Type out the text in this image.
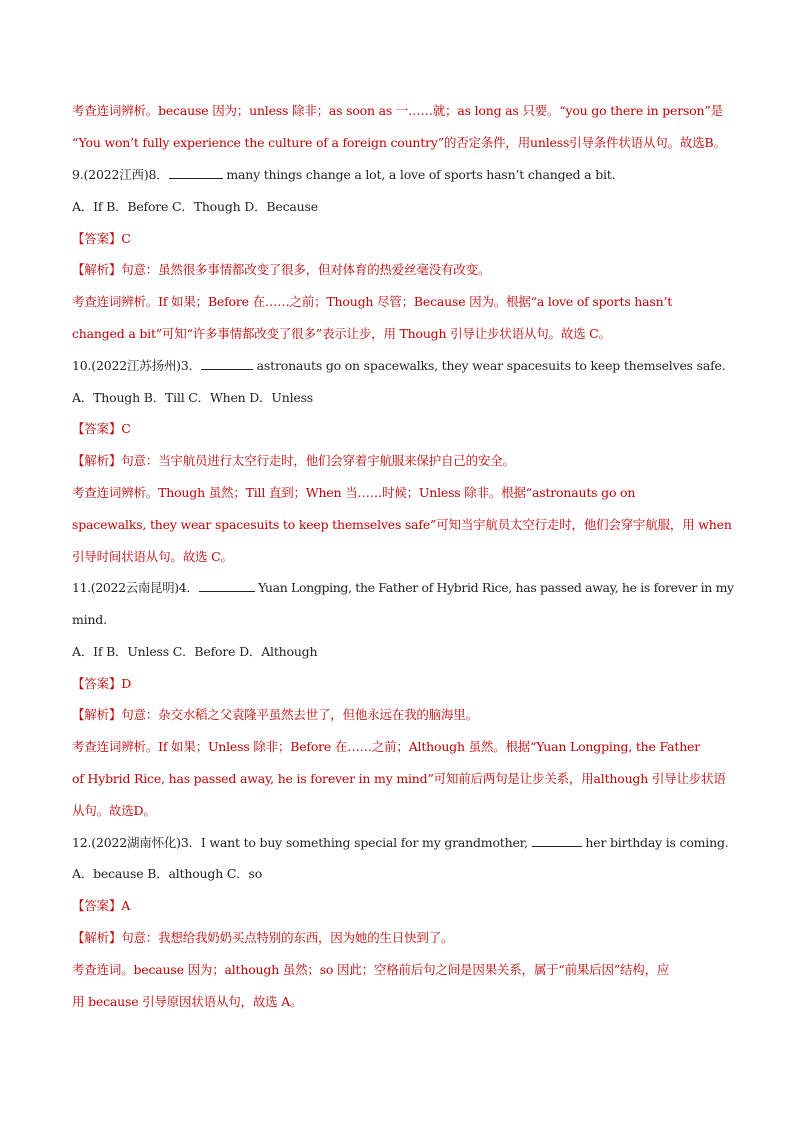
考查连词辨析。because 因为；unless 除非；as soon as 一……就；as long as 只要。“you go there in person”是
“You won’t fully experience the culture of a foreign country”的否定条件，用unless引导条件状语从句。故选B。
9.(2022江西)8．	many things change a lot, a love of sports hasn’t changed a bit.
A．If B．Before C．Though D．Because
【答案】C
【解析】句意：虽然很多事情都改变了很多，但对体育的热爱丝毫没有改变。
考查连词辨析。If 如果；Before 在……之前；Though 尽管；Because 因为。根据“a love of sports hasn’t
changed a bit”可知“许多事情都改变了很多”表示让步，用 Though 引导让步状语从句。故选 C。
10.(2022江苏扬州)3．	astronauts go on spacewalks, they wear spacesuits to keep themselves safe.
A．Though B．Till C．When D．Unless
【答案】C
【解析】句意：当宇航员进行太空行走时，他们会穿着宇航服来保护自己的安全。
考查连词辨析。Though 虽然；Till 直到；When 当……时候；Unless 除非。根据“astronauts go on
spacewalks, they wear spacesuits to keep themselves safe”可知当宇航员太空行走时，他们会穿宇航服，用 when
引导时间状语从句。故选 C。
11.(2022云南昆明)4．	Yuan Longping, the Father of Hybrid Rice, has passed away, he is forever in my
mind.
A．If B．Unless C．Before D．Although
【答案】D
【解析】句意：杂交水稻之父袁隆平虽然去世了，但他永远在我的脑海里。
考查连词辨析。If 如果；Unless 除非；Before 在……之前；Although 虽然。根据“Yuan Longping, the Father
of Hybrid Rice, has passed away, he is forever in my mind”可知前后两句是让步关系，用although 引导让步状语
从句。故选D。
12.(2022湖南怀化)3．I want to buy something special for my grandmother,	her birthday is coming.
A．because B．although C．so
【答案】A
【解析】句意：我想给我奶奶买点特别的东西，因为她的生日快到了。
考查连词。because 因为；although 虽然；so 因此；空格前后句之间是因果关系，属于“前果后因”结构，应
用 because 引导原因状语从句，故选 A。
